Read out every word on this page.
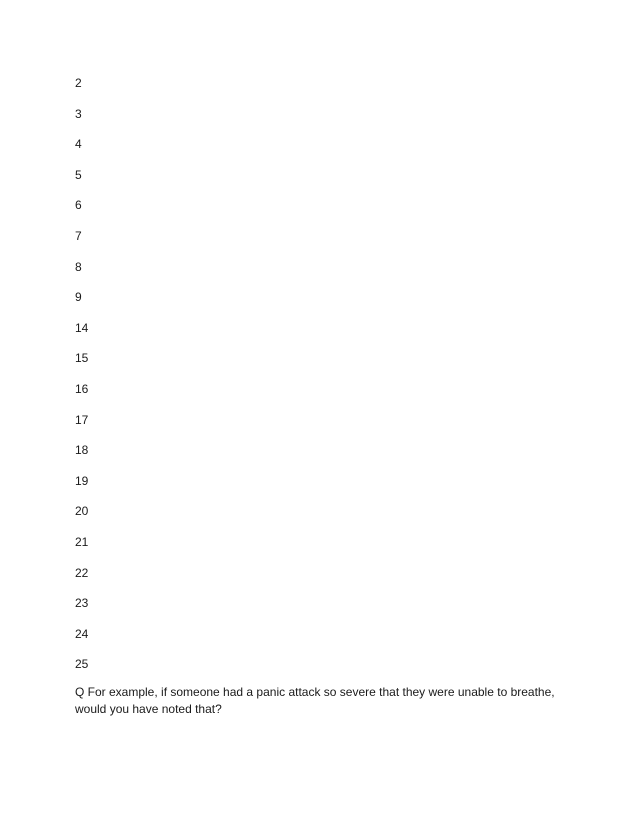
2
3
4
5
6
7
8
9
14
15
16
17
18
19
20
21
22
23
24
25

Q For example, if someone had a panic attack so severe that they were unable to breathe,
would you have noted that?
